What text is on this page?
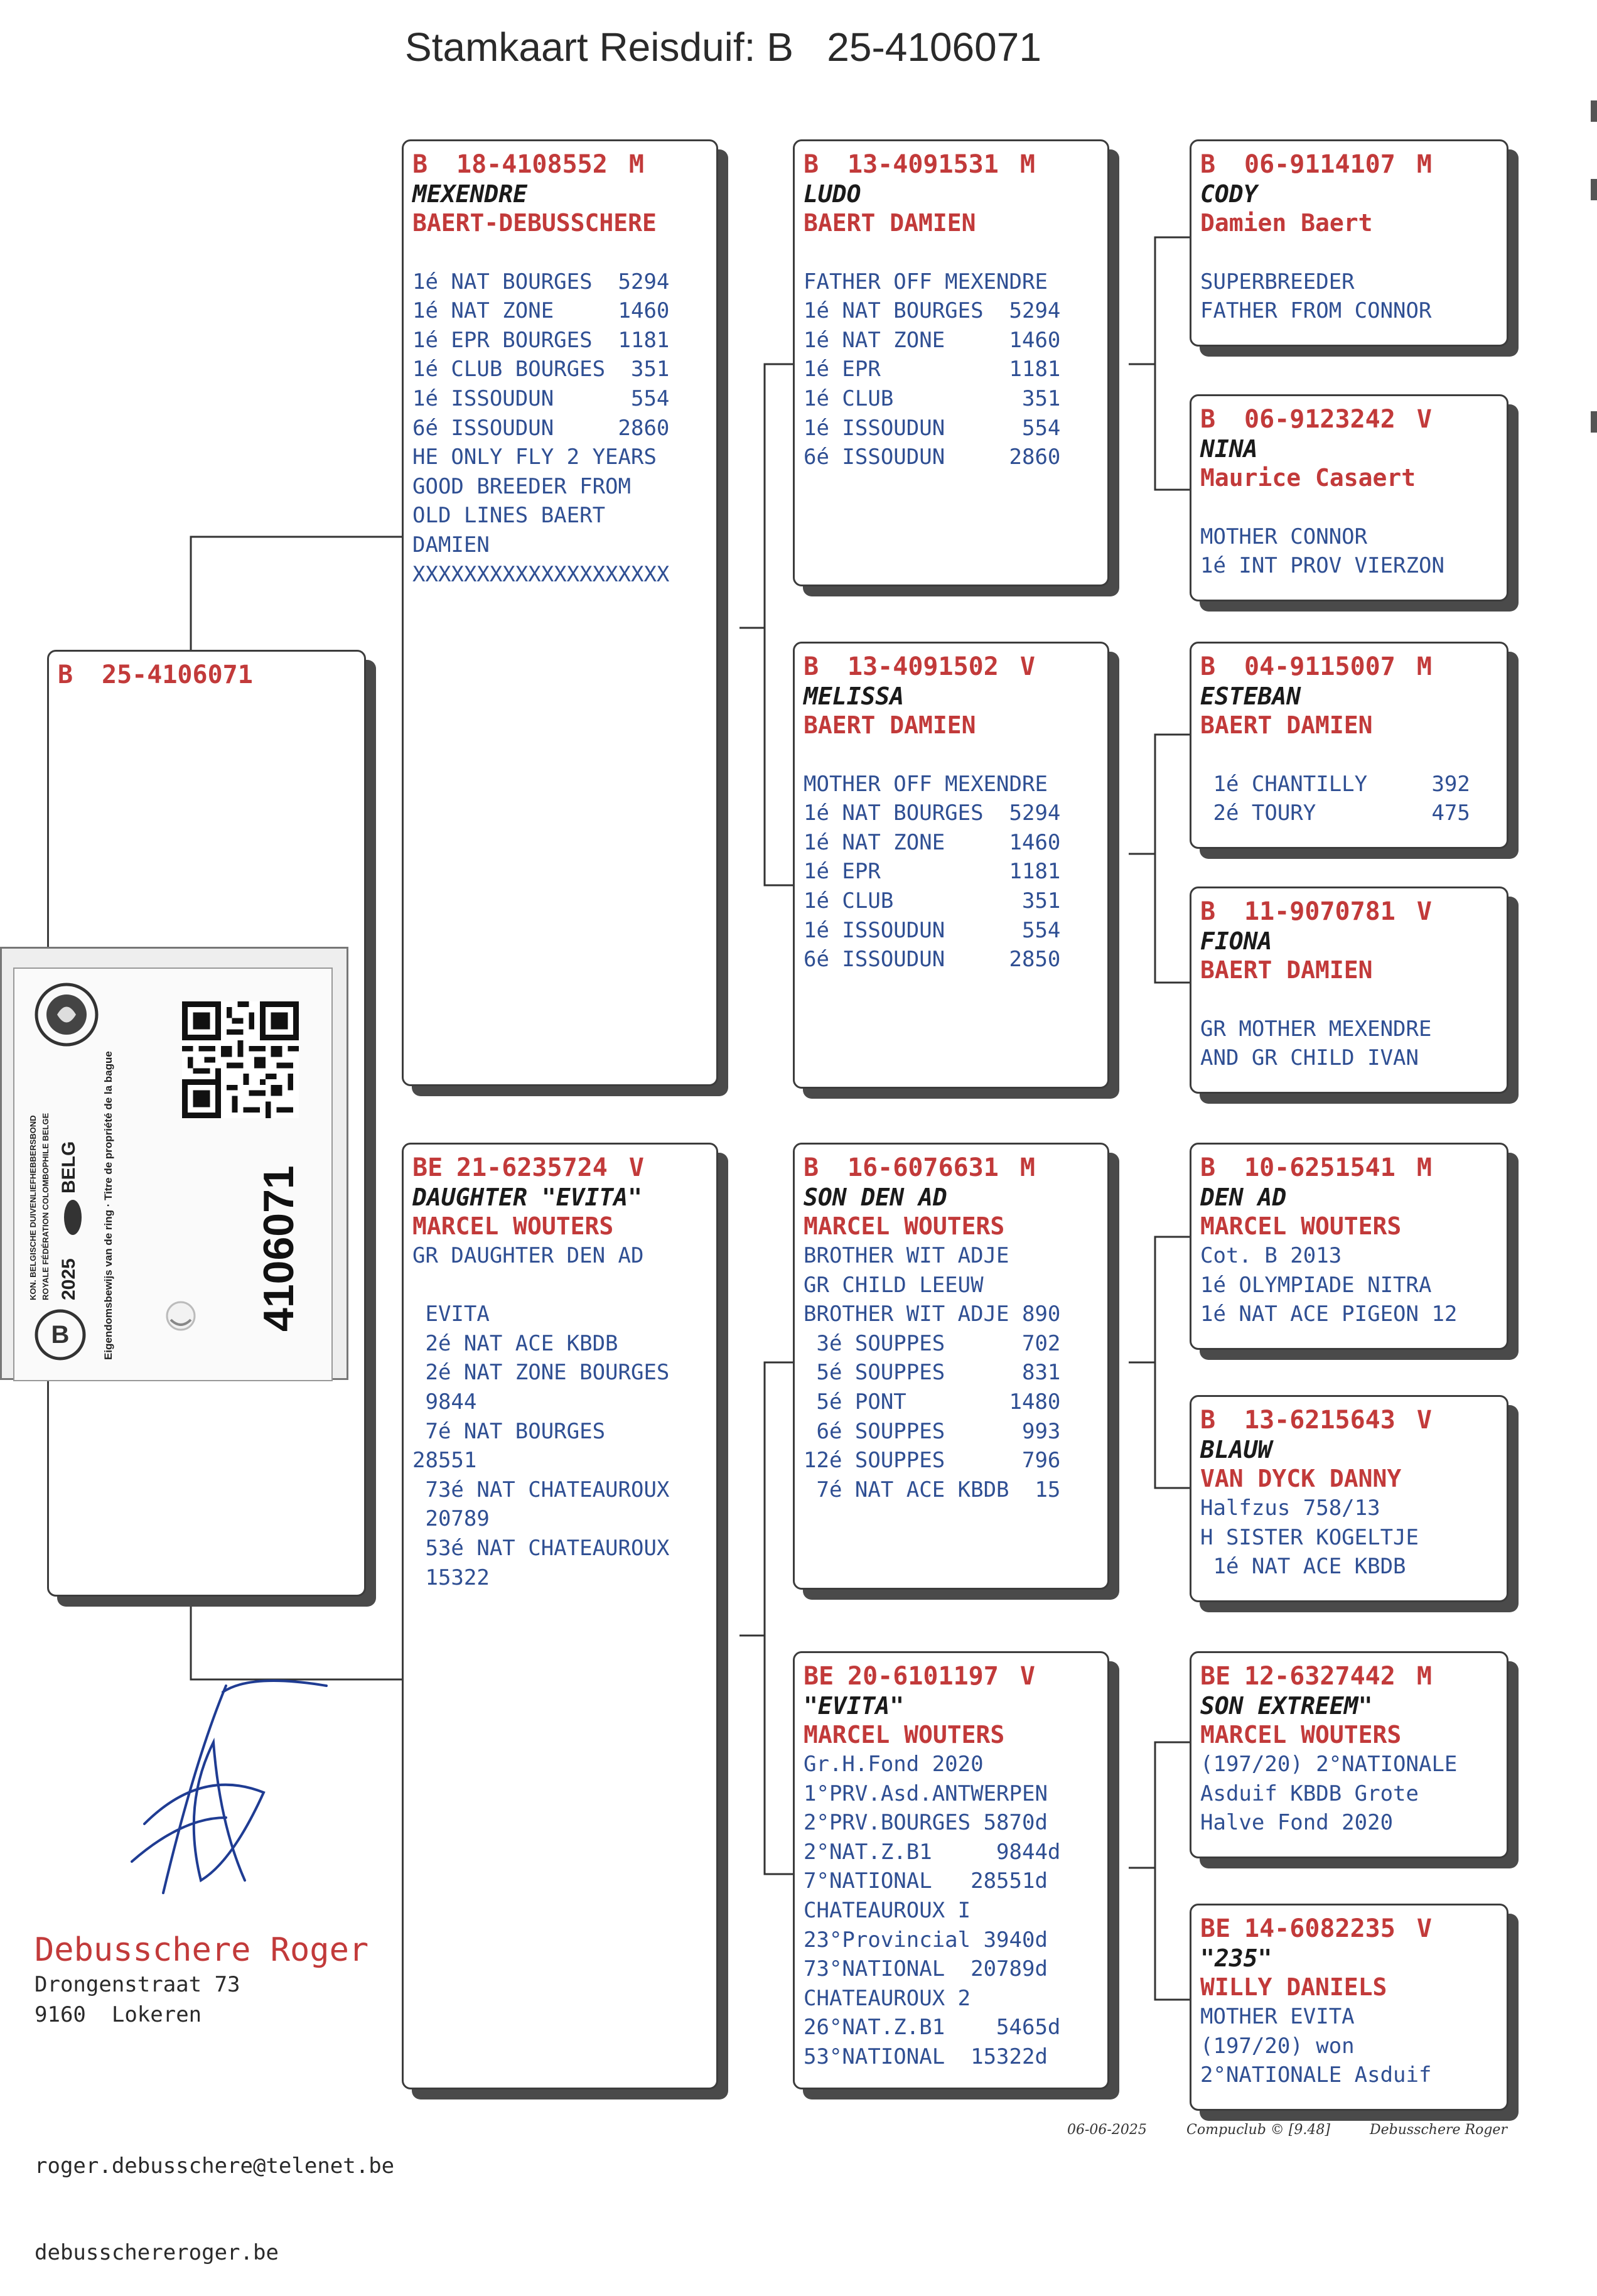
Stamkaart Reisduif: B   25-4106071
B	25-4106071
B
KON. BELGISCHE DUIVENLIEFHEBBERSBOND ROYALE FÉDÉRATION COLOMBOPHILE BELGE 2025
BELG Eigendomsbewijs van de ring · Titre de propriété de la bague	4106071
B	18-4108552 M
MEXENDRE
BAERT-DEBUSSCHERE

1é NAT BOURGES  5294
1é NAT ZONE     1460
1é EPR BOURGES  1181
1é CLUB BOURGES  351
1é ISSOUDUN      554
6é ISSOUDUN     2860
HE ONLY FLY 2 YEARS
GOOD BREEDER FROM
OLD LINES BAERT
DAMIEN
XXXXXXXXXXXXXXXXXXXX
BE 21-6235724 V
DAUGHTER "EVITA"
MARCEL WOUTERS
GR DAUGHTER DEN AD

EVITA
2é NAT ACE KBDB
2é NAT ZONE BOURGES
9844
7é NAT BOURGES
28551
73é NAT CHATEAUROUX
20789
53é NAT CHATEAUROUX
15322
B	13-4091531 M
LUDO
BAERT DAMIEN

FATHER OFF MEXENDRE
1é NAT BOURGES  5294
1é NAT ZONE     1460
1é EPR          1181
1é CLUB          351
1é ISSOUDUN      554
6é ISSOUDUN     2860
B	13-4091502 V
MELISSA
BAERT DAMIEN

MOTHER OFF MEXENDRE
1é NAT BOURGES  5294
1é NAT ZONE     1460
1é EPR          1181
1é CLUB          351
1é ISSOUDUN      554
6é ISSOUDUN     2850
B	16-6076631 M
SON DEN AD
MARCEL WOUTERS
BROTHER WIT ADJE
GR CHILD LEEUW
BROTHER WIT ADJE 890
3é SOUPPES      702
5é SOUPPES      831
5é PONT        1480
6é SOUPPES      993
12é SOUPPES      796
7é NAT ACE KBDB  15
BE 20-6101197 V
"EVITA"
MARCEL WOUTERS
Gr.H.Fond 2020
1°PRV.Asd.ANTWERPEN
2°PRV.BOURGES 5870d
2°NAT.Z.B1     9844d
7°NATIONAL   28551d
CHATEAUROUX I
23°Provincial 3940d
73°NATIONAL  20789d
CHATEAUROUX 2
26°NAT.Z.B1    5465d
53°NATIONAL  15322d
B	06-9114107 M
CODY
Damien Baert

SUPERBREEDER
FATHER FROM CONNOR
B	06-9123242 V
NINA
Maurice Casaert

MOTHER CONNOR
1é INT PROV VIERZON
B	04-9115007 M
ESTEBAN
BAERT DAMIEN

1é CHANTILLY     392
2é TOURY         475
B	11-9070781 V
FIONA
BAERT DAMIEN

GR MOTHER MEXENDRE
AND GR CHILD IVAN
B	10-6251541 M
DEN AD
MARCEL WOUTERS
Cot. B 2013
1é OLYMPIADE NITRA
1é NAT ACE PIGEON 12
B	13-6215643 V
BLAUW
VAN DYCK DANNY
Halfzus 758/13
H SISTER KOGELTJE
1é NAT ACE KBDB
BE 12-6327442 M
SON EXTREEM"
MARCEL WOUTERS
(197/20) 2°NATIONALE
Asduif KBDB Grote
Halve Fond 2020
BE 14-6082235 V
"235"
WILLY DANIELS
MOTHER EVITA
(197/20) won
2°NATIONALE Asduif
Debusschere Roger
Drongenstraat 73
9160 Lokeren

roger.debusschere@telenet.be

debusschereroger.be

06-06-2025	Compuclub © [9.48]	Debusschere Roger
